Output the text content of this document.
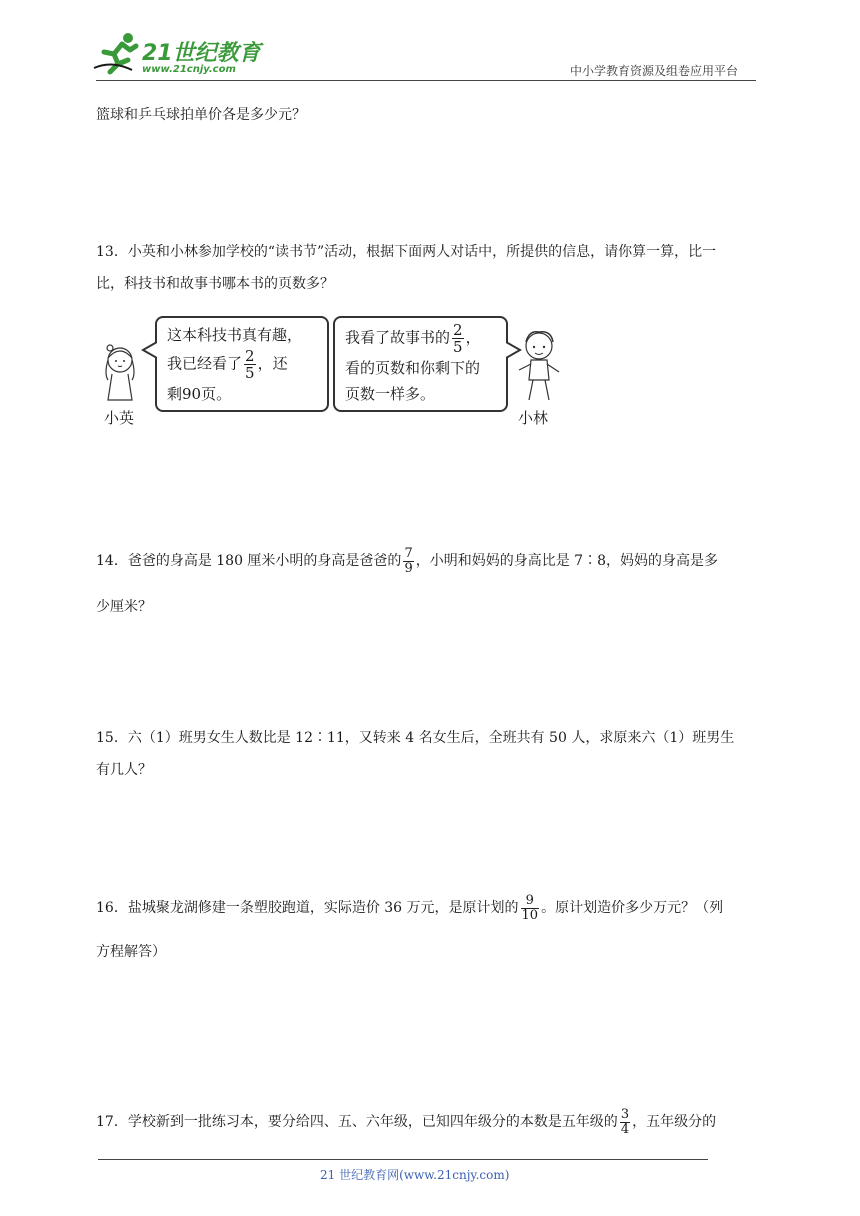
21世纪教育
www.21cnjy.com	中小学教育资源及组卷应用平台
篮球和乒乓球拍单价各是多少元？
13．小英和小林参加学校的“读书节”活动，根据下面两人对话中，所提供的信息，请你算一算，比一
比，科技书和故事书哪本书的页数多？
小英
这本科技书真有趣，
我已经看了 $\frac{2}{5}$ ，还
剩90页。
我看了故事书的 $\frac{2}{5}$ ，
看的页数和你剩下的
页数一样多。
小林
14．爸爸的身高是 180 厘米小明的身高是爸爸的 $\frac{7}{9}$ ，小明和妈妈的身高比是 7∶8，妈妈的身高是多
少厘米？
15．六（1）班男女生人数比是 12∶11，又转来 4 名女生后，全班共有 50 人，求原来六（1）班男生
有几人？
16．盐城聚龙湖修建一条塑胶跑道，实际造价 36 万元，是原计划的 $\frac{9}{10}$ 。原计划造价多少万元？（列
方程解答）
17．学校新到一批练习本，要分给四、五、六年级，已知四年级分的本数是五年级的 $\frac{3}{4}$ ，五年级分的
21 世纪教育网(www.21cnjy.com)
